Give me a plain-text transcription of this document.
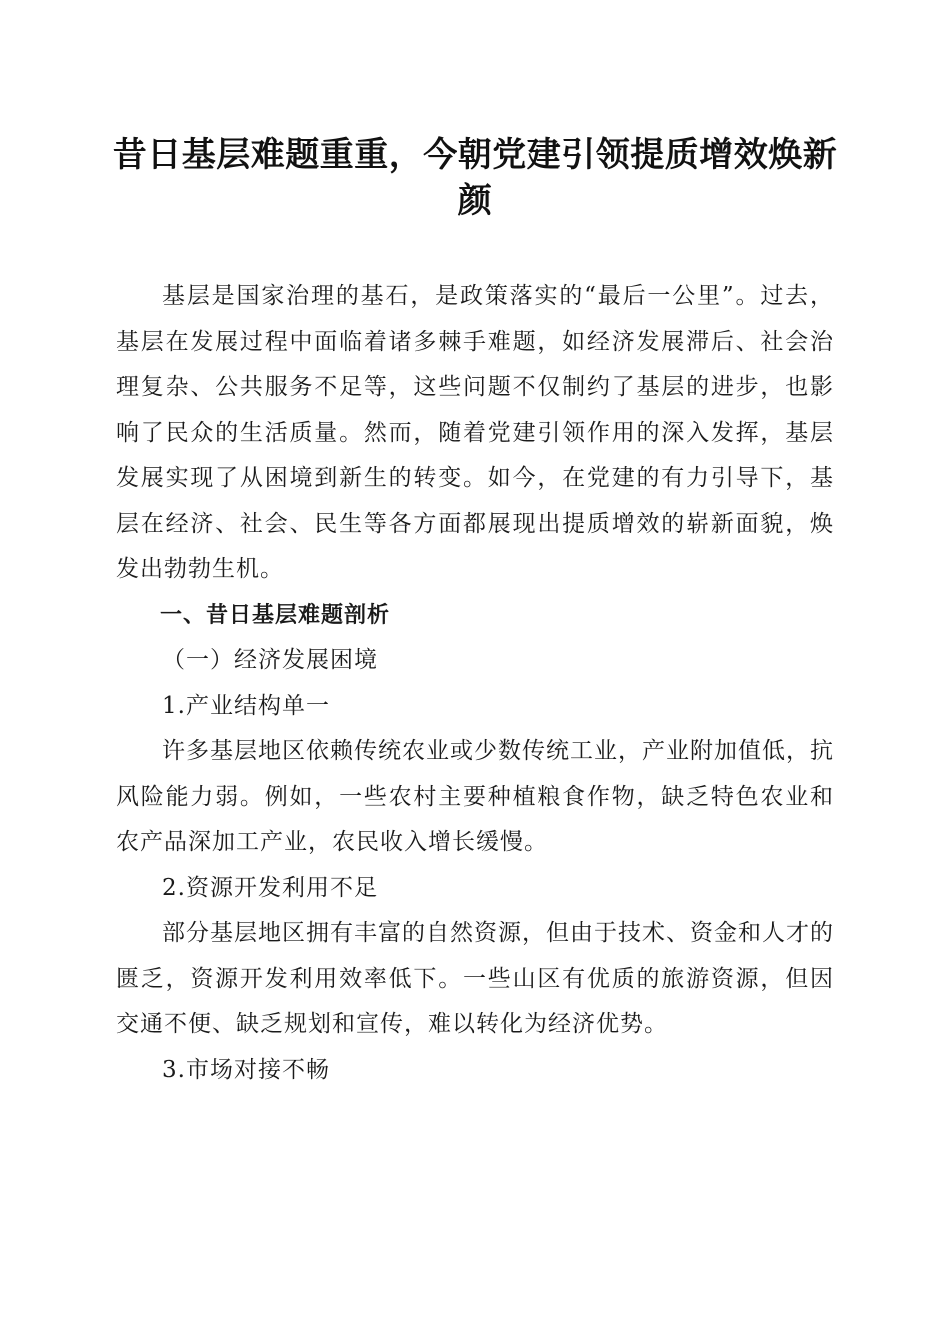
昔日基层难题重重，今朝党建引领提质增效焕新颜

基层是国家治理的基石，是政策落实的“最后一公里”。过去，基层在发展过程中面临着诸多棘手难题，如经济发展滞后、社会治理复杂、公共服务不足等，这些问题不仅制约了基层的进步，也影响了民众的生活质量。然而，随着党建引领作用的深入发挥，基层发展实现了从困境到新生的转变。如今，在党建的有力引导下，基层在经济、社会、民生等各方面都展现出提质增效的崭新面貌，焕发出勃勃生机。

一、昔日基层难题剖析

（一）经济发展困境

1.产业结构单一

许多基层地区依赖传统农业或少数传统工业，产业附加值低，抗风险能力弱。例如，一些农村主要种植粮食作物，缺乏特色农业和农产品深加工产业，农民收入增长缓慢。

2.资源开发利用不足

部分基层地区拥有丰富的自然资源，但由于技术、资金和人才的匮乏，资源开发利用效率低下。一些山区有优质的旅游资源，但因交通不便、缺乏规划和宣传，难以转化为经济优势。

3.市场对接不畅
